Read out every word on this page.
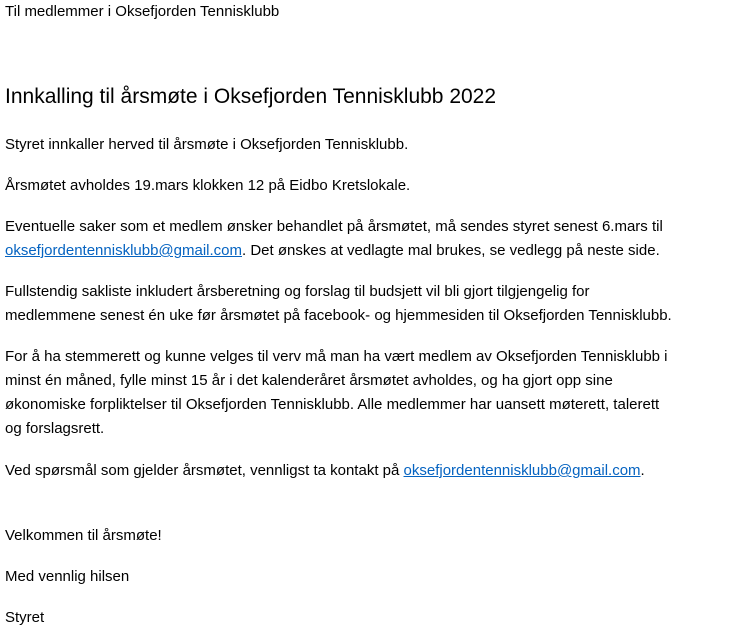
Til medlemmer i Oksefjorden Tennisklubb

Innkalling til årsmøte i Oksefjorden Tennisklubb 2022

Styret innkaller herved til årsmøte i Oksefjorden Tennisklubb.

Årsmøtet avholdes 19.mars klokken 12 på Eidbo Kretslokale.

Eventuelle saker som et medlem ønsker behandlet på årsmøtet, må sendes styret senest 6.mars til

oksefjordentennisklubb@gmail.com. Det ønskes at vedlagte mal brukes, se vedlegg på neste side.

Fullstendig sakliste inkludert årsberetning og forslag til budsjett vil bli gjort tilgjengelig for

medlemmene senest én uke før årsmøtet på facebook- og hjemmesiden til Oksefjorden Tennisklubb.

For å ha stemmerett og kunne velges til verv må man ha vært medlem av Oksefjorden Tennisklubb i

minst én måned, fylle minst 15 år i det kalenderåret årsmøtet avholdes, og ha gjort opp sine

økonomiske forpliktelser til Oksefjorden Tennisklubb. Alle medlemmer har uansett møterett, talerett

og forslagsrett.

Ved spørsmål som gjelder årsmøtet, vennligst ta kontakt på oksefjordentennisklubb@gmail.com.

Velkommen til årsmøte!

Med vennlig hilsen

Styret
